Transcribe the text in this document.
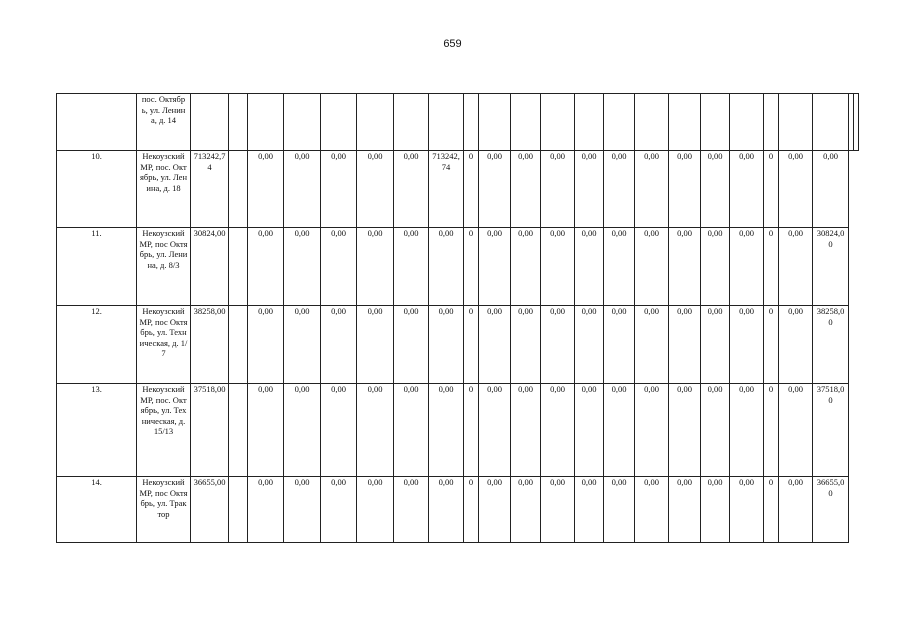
659
	пос. Октябрь, ул. Ленина, д. 14																							
10.	Некоузский МР, пос. Октябрь, ул. Ленина, д. 18	713242,74		0,00	0,00	0,00	0,00	0,00	713242,74	0	0,00	0,00	0,00	0,00	0,00	0,00	0,00	0,00	0,00	0	0,00	0,00		
11.	Некоузский МР, пос Октябрь, ул. Ленина, д. 8/3	30824,00		0,00	0,00	0,00	0,00	0,00	0,00	0	0,00	0,00	0,00	0,00	0,00	0,00	0,00	0,00	0,00	0	0,00	30824,00		
12.	Некоузский МР, пос Октябрь, ул. Техническая, д. 1/7	38258,00		0,00	0,00	0,00	0,00	0,00	0,00	0	0,00	0,00	0,00	0,00	0,00	0,00	0,00	0,00	0,00	0	0,00	38258,00		
13.	Некоузский МР, пос. Октябрь, ул. Техническая, д. 15/13	37518,00		0,00	0,00	0,00	0,00	0,00	0,00	0	0,00	0,00	0,00	0,00	0,00	0,00	0,00	0,00	0,00	0	0,00	37518,00		
14.	Некоузский МР, пос Октябрь, ул. Трактор	36655,00		0,00	0,00	0,00	0,00	0,00	0,00	0	0,00	0,00	0,00	0,00	0,00	0,00	0,00	0,00	0,00	0	0,00	36655,00		
